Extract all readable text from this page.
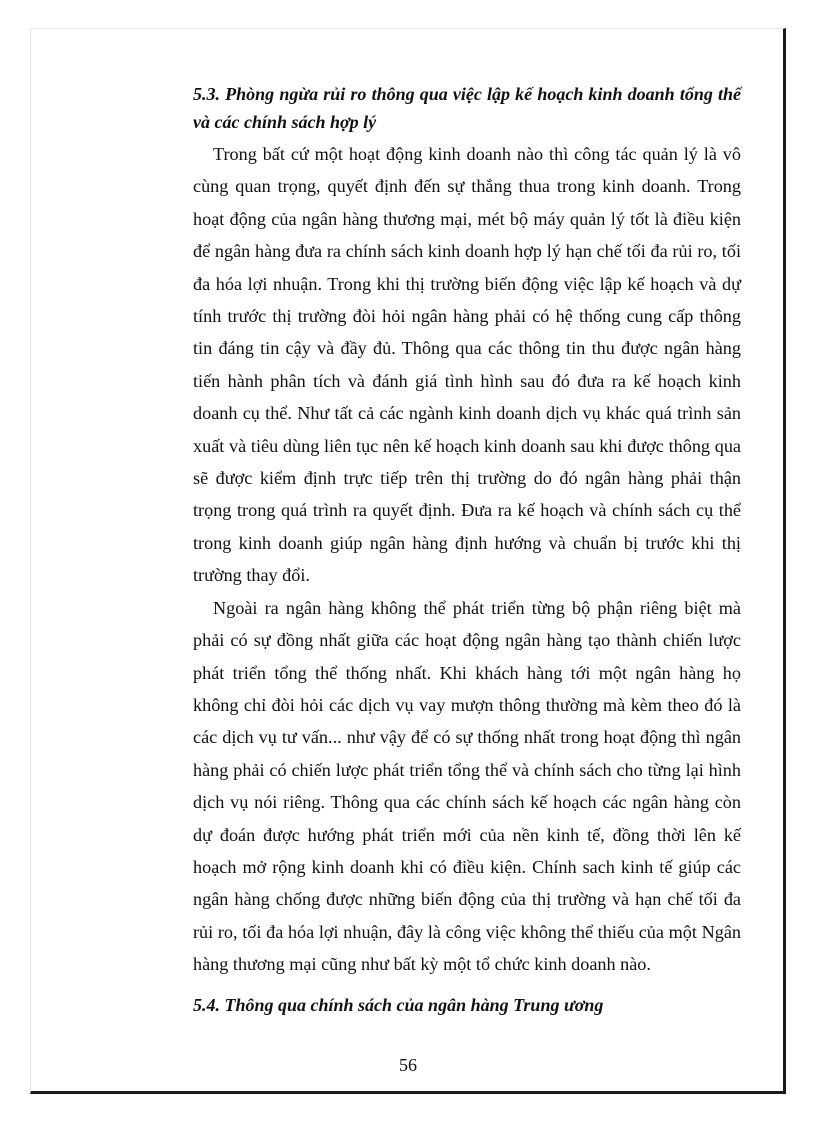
5.3. Phòng ngừa rủi ro thông qua việc lập kế hoạch kinh doanh tổng thể và các chính sách hợp lý

Trong bất cứ một hoạt động kinh doanh nào thì công tác quản lý là vô cùng quan trọng, quyết định đến sự thắng thua trong kinh doanh. Trong hoạt động của ngân hàng thương mại, mét bộ máy quản lý tốt là điều kiện để ngân hàng đưa ra chính sách kinh doanh hợp lý hạn chế tối đa rủi ro, tối đa hóa lợi nhuận. Trong khi thị trường biến động việc lập kế hoạch và dự tính trước thị trường đòi hỏi ngân hàng phải có hệ thống cung cấp thông tin đáng tin cậy và đầy đủ. Thông qua các thông tin thu được ngân hàng tiến hành phân tích và đánh giá tình hình sau đó đưa ra kế hoạch kinh doanh cụ thể. Như tất cả các ngành kinh doanh dịch vụ khác quá trình sản xuất và tiêu dùng liên tục nên kế hoạch kinh doanh sau khi được thông qua sẽ được kiểm định trực tiếp trên thị trường do đó ngân hàng phải thận trọng trong quá trình ra quyết định. Đưa ra kế hoạch và chính sách cụ thể trong kinh doanh giúp ngân hàng định hướng và chuẩn bị trước khi thị trường thay đổi.

Ngoài ra ngân hàng không thể phát triển từng bộ phận riêng biệt mà phải có sự đồng nhất giữa các hoạt động ngân hàng tạo thành chiến lược phát triển tổng thể thống nhất. Khi khách hàng tới một ngân hàng họ không chỉ đòi hỏi các dịch vụ vay mượn thông thường mà kèm theo đó là các dịch vụ tư vấn... như vậy để có sự thống nhất trong hoạt động thì ngân hàng phải có chiến lược phát triển tổng thể và chính sách cho từng lại hình dịch vụ nói riêng. Thông qua các chính sách kế hoạch các ngân hàng còn dự đoán được hướng phát triển mới của nền kinh tế, đồng thời lên kế hoạch mở rộng kinh doanh khi có điều kiện. Chính sach kinh tế giúp các ngân hàng chống được những biến động của thị trường và hạn chế tối đa rủi ro, tối đa hóa lợi nhuận, đây là công việc không thể thiếu của một Ngân hàng thương mại cũng như bất kỳ một tổ chức kinh doanh nào.

5.4. Thông qua chính sách của ngân hàng Trung ương

56
